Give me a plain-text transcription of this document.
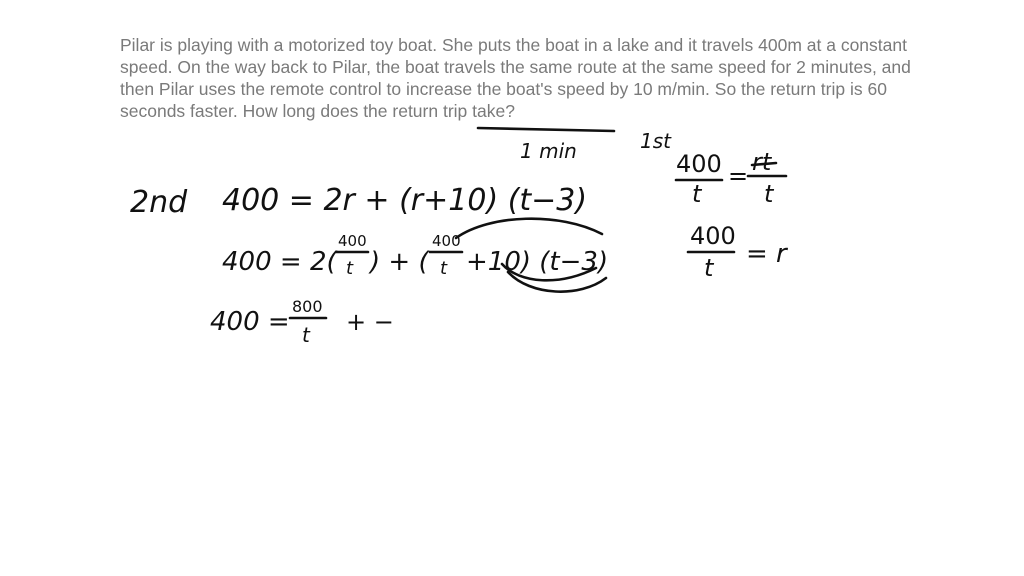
Pilar is playing with a motorized toy boat. She puts the boat in a lake and it travels 400m at a constant speed. On the way back to Pilar, the boat travels the same route at the same speed for 2 minutes, and then Pilar uses the remote control to increase the boat's speed by 10 m/min. So the return trip is 60 seconds faster. How long does the return trip take?

1 min	1st
400
t
= rt
t
400
t = r
2nd 400 = 2r + (r+10) (t−3)
400 = 2(
400
t ) + (
400
t +10) (t−3)
400 =
800
t + −
